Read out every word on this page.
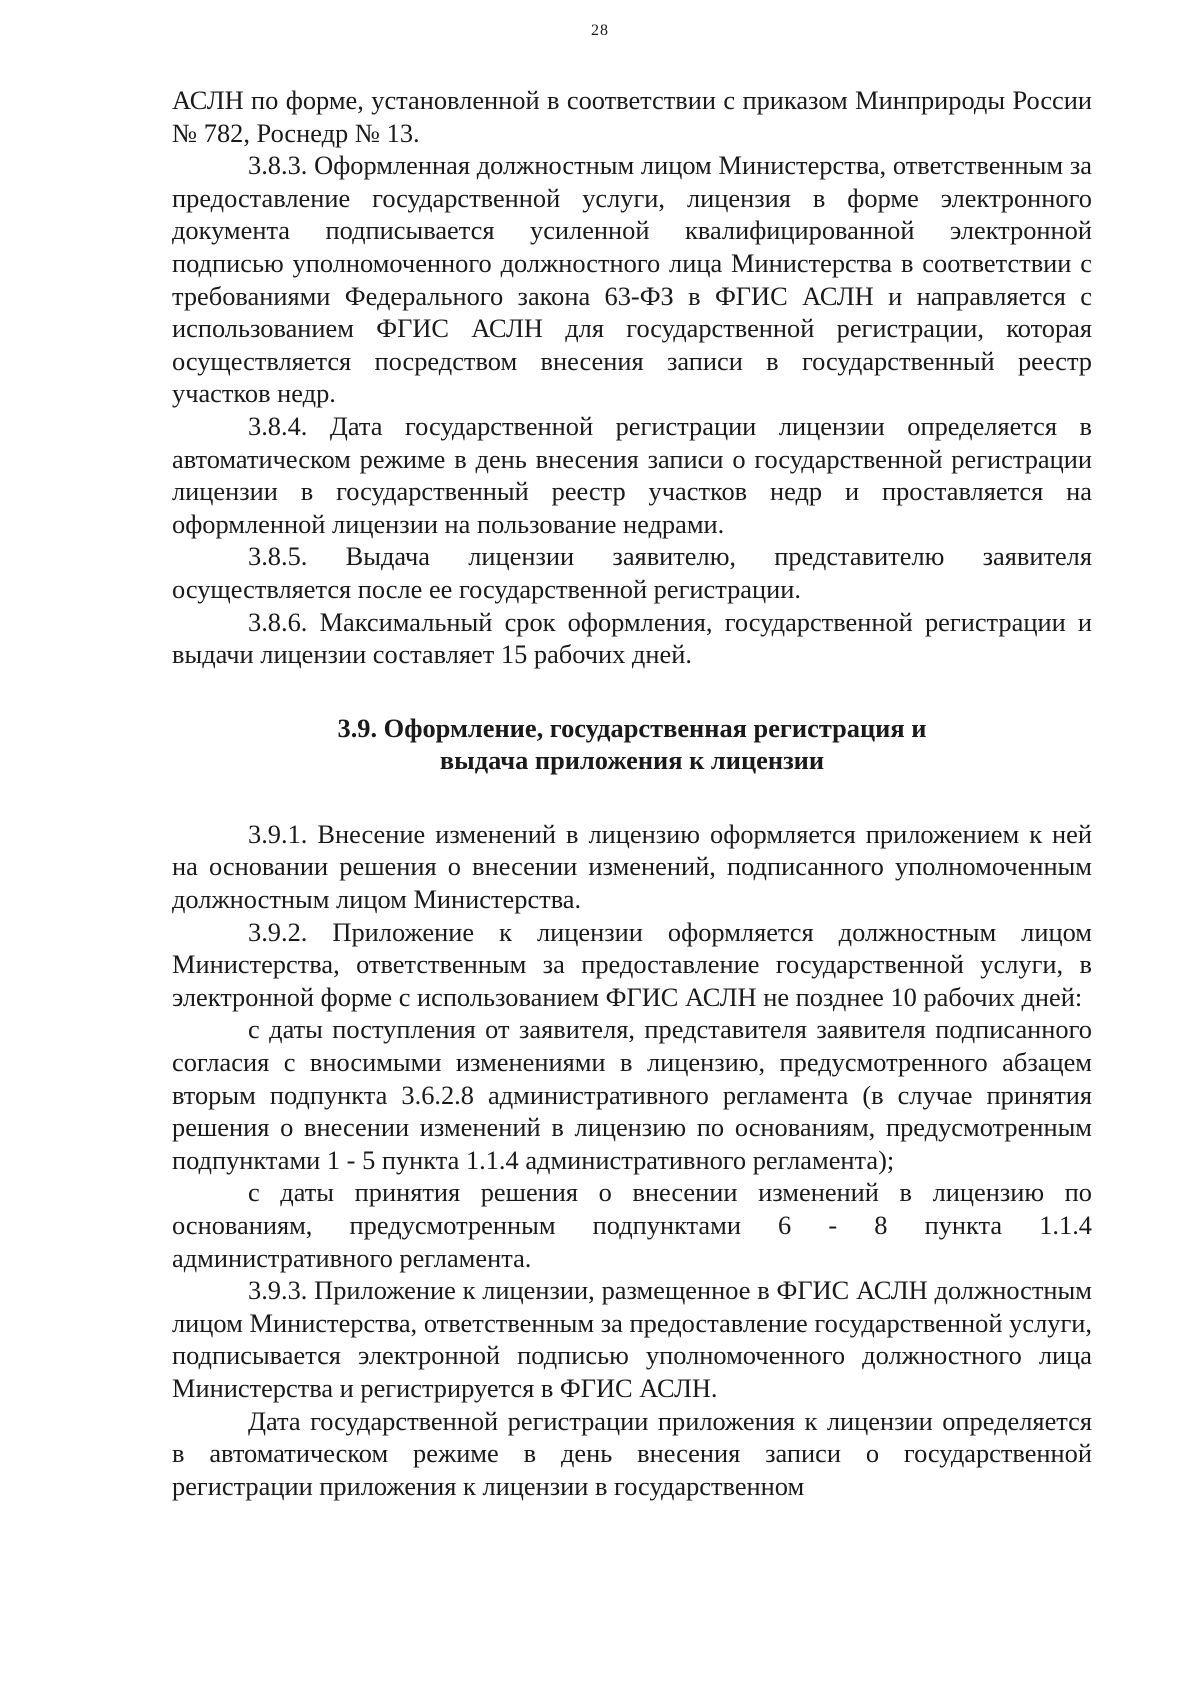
28

АСЛН по форме, установленной в соответствии с приказом Минприроды России № 782, Роснедр № 13.

3.8.3. Оформленная должностным лицом Министерства, ответственным за предоставление государственной услуги, лицензия в форме электронного документа подписывается усиленной квалифицированной электронной подписью уполномоченного должностного лица Министерства в соответствии с требованиями Федерального закона 63-ФЗ в ФГИС АСЛН и направляется с использованием ФГИС АСЛН для государственной регистрации, которая осуществляется посредством внесения записи в государственный реестр участков недр.

3.8.4. Дата государственной регистрации лицензии определяется в автоматическом режиме в день внесения записи о государственной регистрации лицензии в государственный реестр участков недр и проставляется на оформленной лицензии на пользование недрами.

3.8.5. Выдача лицензии заявителю, представителю заявителя осуществляется после ее государственной регистрации.

3.8.6. Максимальный срок оформления, государственной регистрации и выдачи лицензии составляет 15 рабочих дней.

3.9. Оформление, государственная регистрация и
выдача приложения к лицензии

3.9.1. Внесение изменений в лицензию оформляется приложением к ней на основании решения о внесении изменений, подписанного уполномоченным должностным лицом Министерства.

3.9.2. Приложение к лицензии оформляется должностным лицом Министерства, ответственным за предоставление государственной услуги, в электронной форме с использованием ФГИС АСЛН не позднее 10 рабочих дней:

с даты поступления от заявителя, представителя заявителя подписанного согласия с вносимыми изменениями в лицензию, предусмотренного абзацем вторым подпункта 3.6.2.8 административного регламента (в случае принятия решения о внесении изменений в лицензию по основаниям, предусмотренным подпунктами 1 - 5 пункта 1.1.4 административного регламента);

с даты принятия решения о внесении изменений в лицензию по основаниям, предусмотренным подпунктами 6 - 8 пункта 1.1.4 административного регламента.

3.9.3. Приложение к лицензии, размещенное в ФГИС АСЛН должностным лицом Министерства, ответственным за предоставление государственной услуги, подписывается электронной подписью уполномоченного должностного лица Министерства и регистрируется в ФГИС АСЛН.

Дата государственной регистрации приложения к лицензии определяется в автоматическом режиме в день внесения записи о государственной регистрации приложения к лицензии в государственном
